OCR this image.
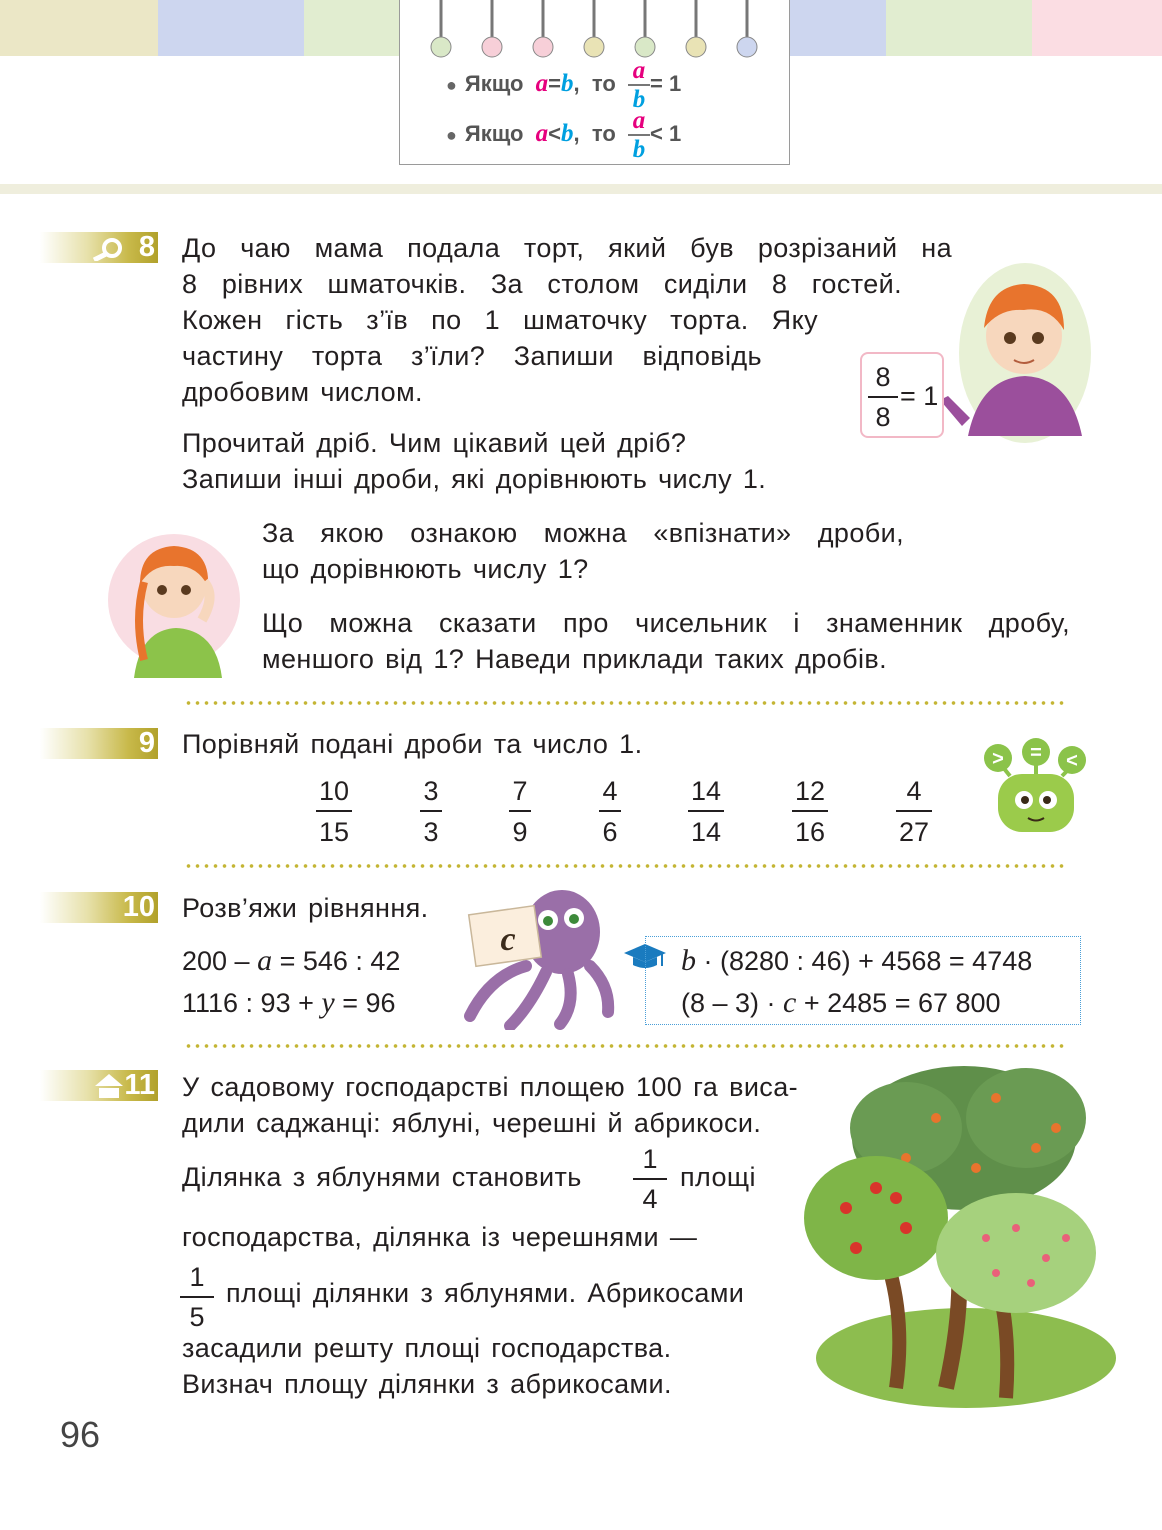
● Якщо a=b,  то $\frac{a}{b} = 1$
● Якщо a<b,  то $\frac{a}{b} < 1$
8 До чаю мама подала торт, який був розрізаний на
8 рівних шматочків. За столом сиділи 8 гостей.
Кожен гість з’їв по 1 шматочку торта. Яку
частину торта з’їли? Запиши відповідь
дробовим числом.
Прочитай дріб. Чим цікавий цей дріб?
Запиши інші дроби, які дорівнюють числу 1.
8
8
= 1
За якою ознакою можна «впізнати» дроби,
що дорівнюють числу 1?
Що можна сказати про чисельник і знаменник дробу,
меншого від 1? Наведи приклади таких дробів.
9 Порівняй подані дроби та число 1.
10
15
3
3
7
9
4
6
14
14
12
16
4
27
> = <
10 Розв’яжи рівняння.
200 – a = 546 : 42
1116 : 93 + y = 96
c
b · (8280 : 46) + 4568 = 4748
(8 – 3) · c + 2485 = 67 800
11 У садовому господарстві площею 100 га виса-
дили саджанці: яблуні, черешні й абрикоси.
Ділянка з яблунями становить
1
4
площі
господарства, ділянка із черешнями —
1
5
площі ділянки з яблунями. Абрикосами
засадили решту площі господарства.
Визнач площу ділянки з абрикосами.
96
